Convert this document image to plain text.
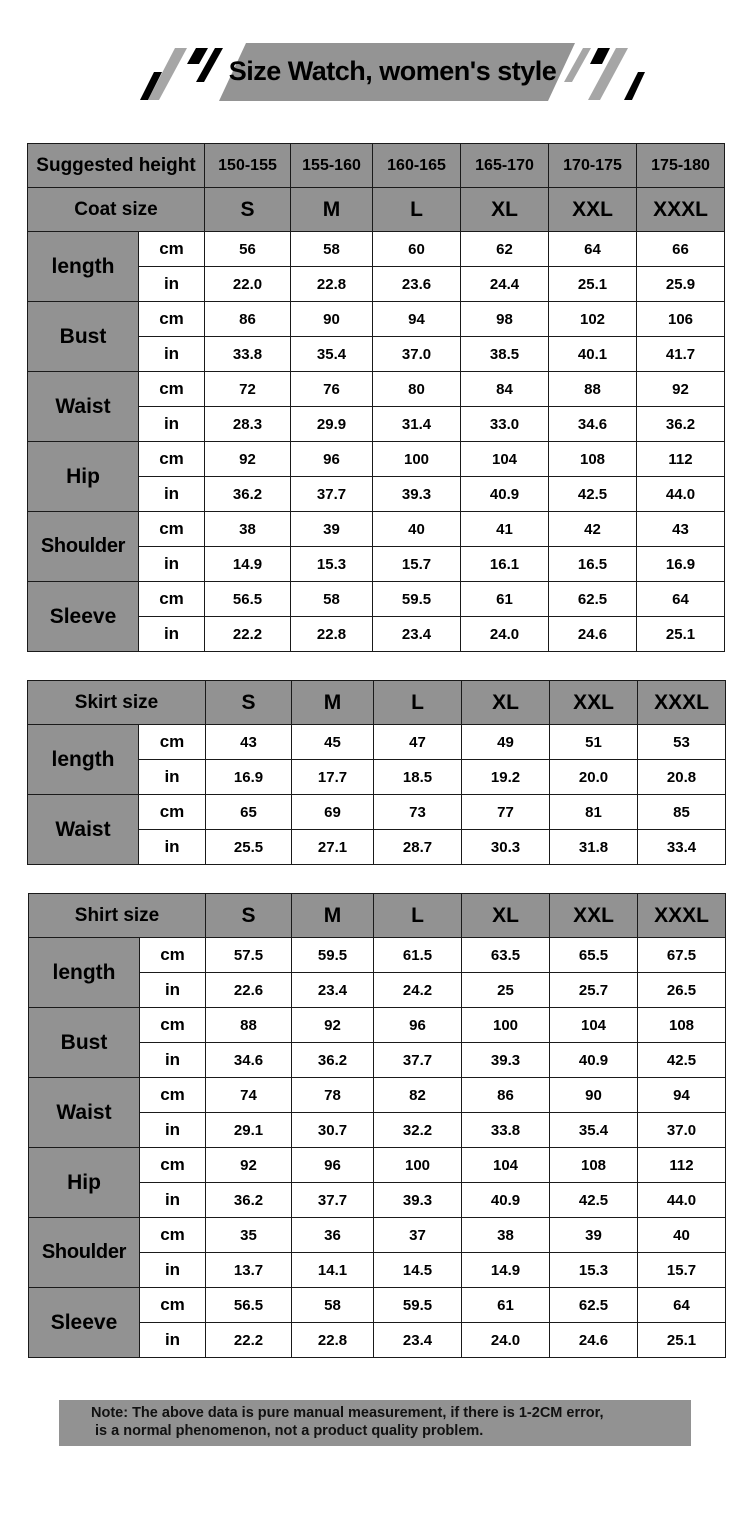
Size Watch, women's style
Suggested height		150-155	155-160	160-165	165-170	170-175	175-180
Coat size		S	M	L	XL	XXL	XXXL
length	cm	56	58	60	62	64	66
	in	22.0	22.8	23.6	24.4	25.1	25.9
Bust	cm	86	90	94	98	102	106
	in	33.8	35.4	37.0	38.5	40.1	41.7
Waist	cm	72	76	80	84	88	92
	in	28.3	29.9	31.4	33.0	34.6	36.2
Hip	cm	92	96	100	104	108	112
	in	36.2	37.7	39.3	40.9	42.5	44.0
Shoulder	cm	38	39	40	41	42	43
	in	14.9	15.3	15.7	16.1	16.5	16.9
Sleeve	cm	56.5	58	59.5	61	62.5	64
	in	22.2	22.8	23.4	24.0	24.6	25.1
Skirt size		S	M	L	XL	XXL	XXXL
length	cm	43	45	47	49	51	53
	in	16.9	17.7	18.5	19.2	20.0	20.8
Waist	cm	65	69	73	77	81	85
	in	25.5	27.1	28.7	30.3	31.8	33.4
Shirt size		S	M	L	XL	XXL	XXXL
length	cm	57.5	59.5	61.5	63.5	65.5	67.5
	in	22.6	23.4	24.2	25	25.7	26.5
Bust	cm	88	92	96	100	104	108
	in	34.6	36.2	37.7	39.3	40.9	42.5
Waist	cm	74	78	82	86	90	94
	in	29.1	30.7	32.2	33.8	35.4	37.0
Hip	cm	92	96	100	104	108	112
	in	36.2	37.7	39.3	40.9	42.5	44.0
Shoulder	cm	35	36	37	38	39	40
	in	13.7	14.1	14.5	14.9	15.3	15.7
Sleeve	cm	56.5	58	59.5	61	62.5	64
	in	22.2	22.8	23.4	24.0	24.6	25.1
Note: The above data is pure manual measurement, if there is 1-2CM error,
is a normal phenomenon, not a product quality problem.
